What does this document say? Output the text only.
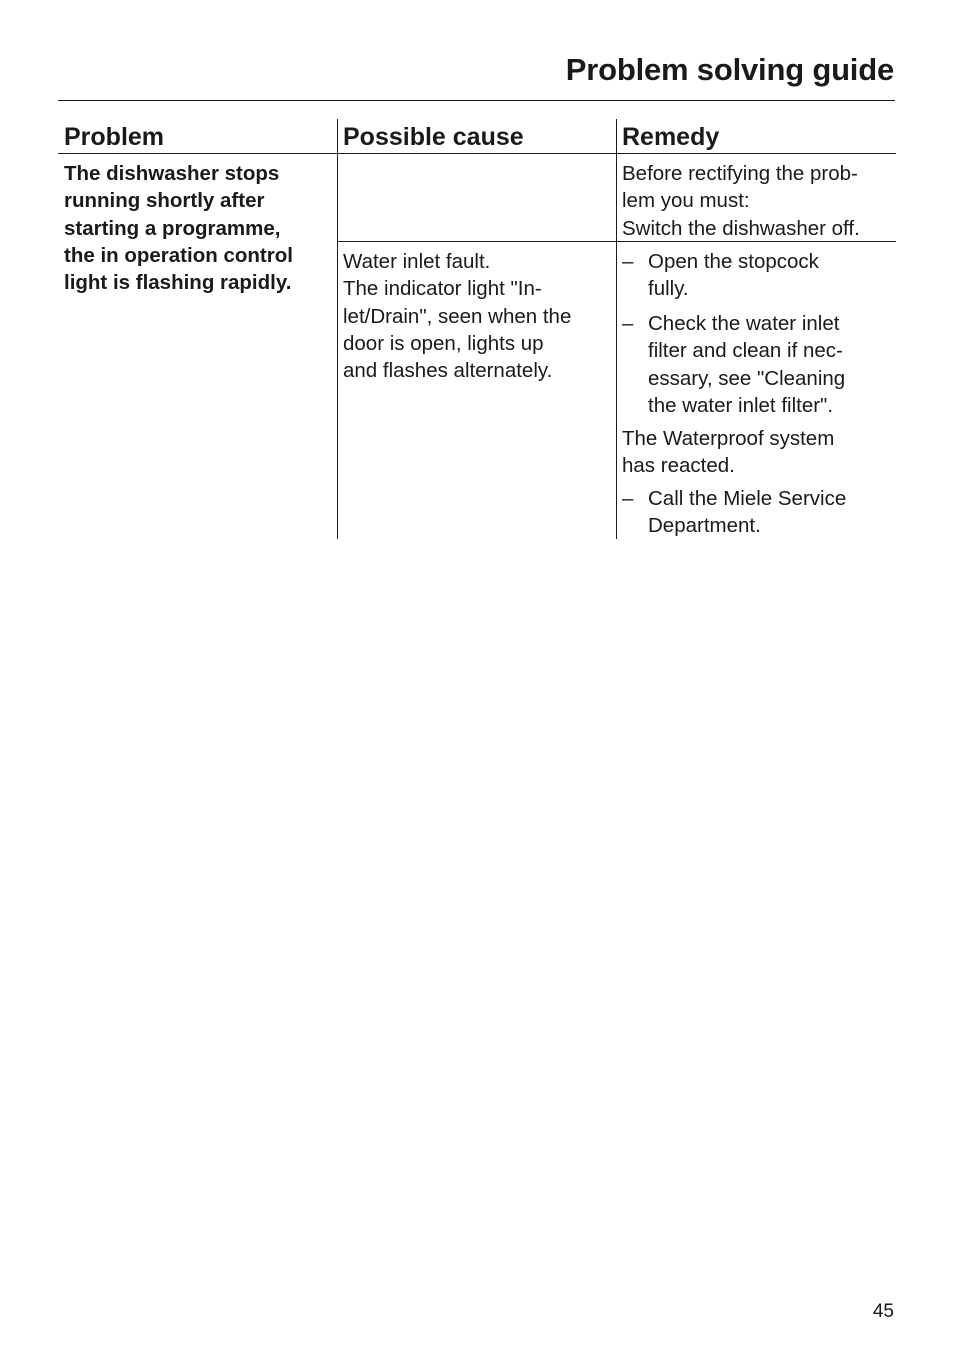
Problem solving guide
Problem	Possible cause	Remedy
The dishwasher stops
running shortly after
starting a programme,
the in operation control
light is flashing rapidly.
Before rectifying the prob-
lem you must:
Switch the dishwasher off.
Water inlet fault.
The indicator light "In-
let/Drain", seen when the
door is open, lights up
and flashes alternately.
– Open the stopcock
fully.
– Check the water inlet
filter and clean if nec-
essary, see "Cleaning
the water inlet filter".
The Waterproof system
has reacted.
– Call the Miele Service
Department.
45
